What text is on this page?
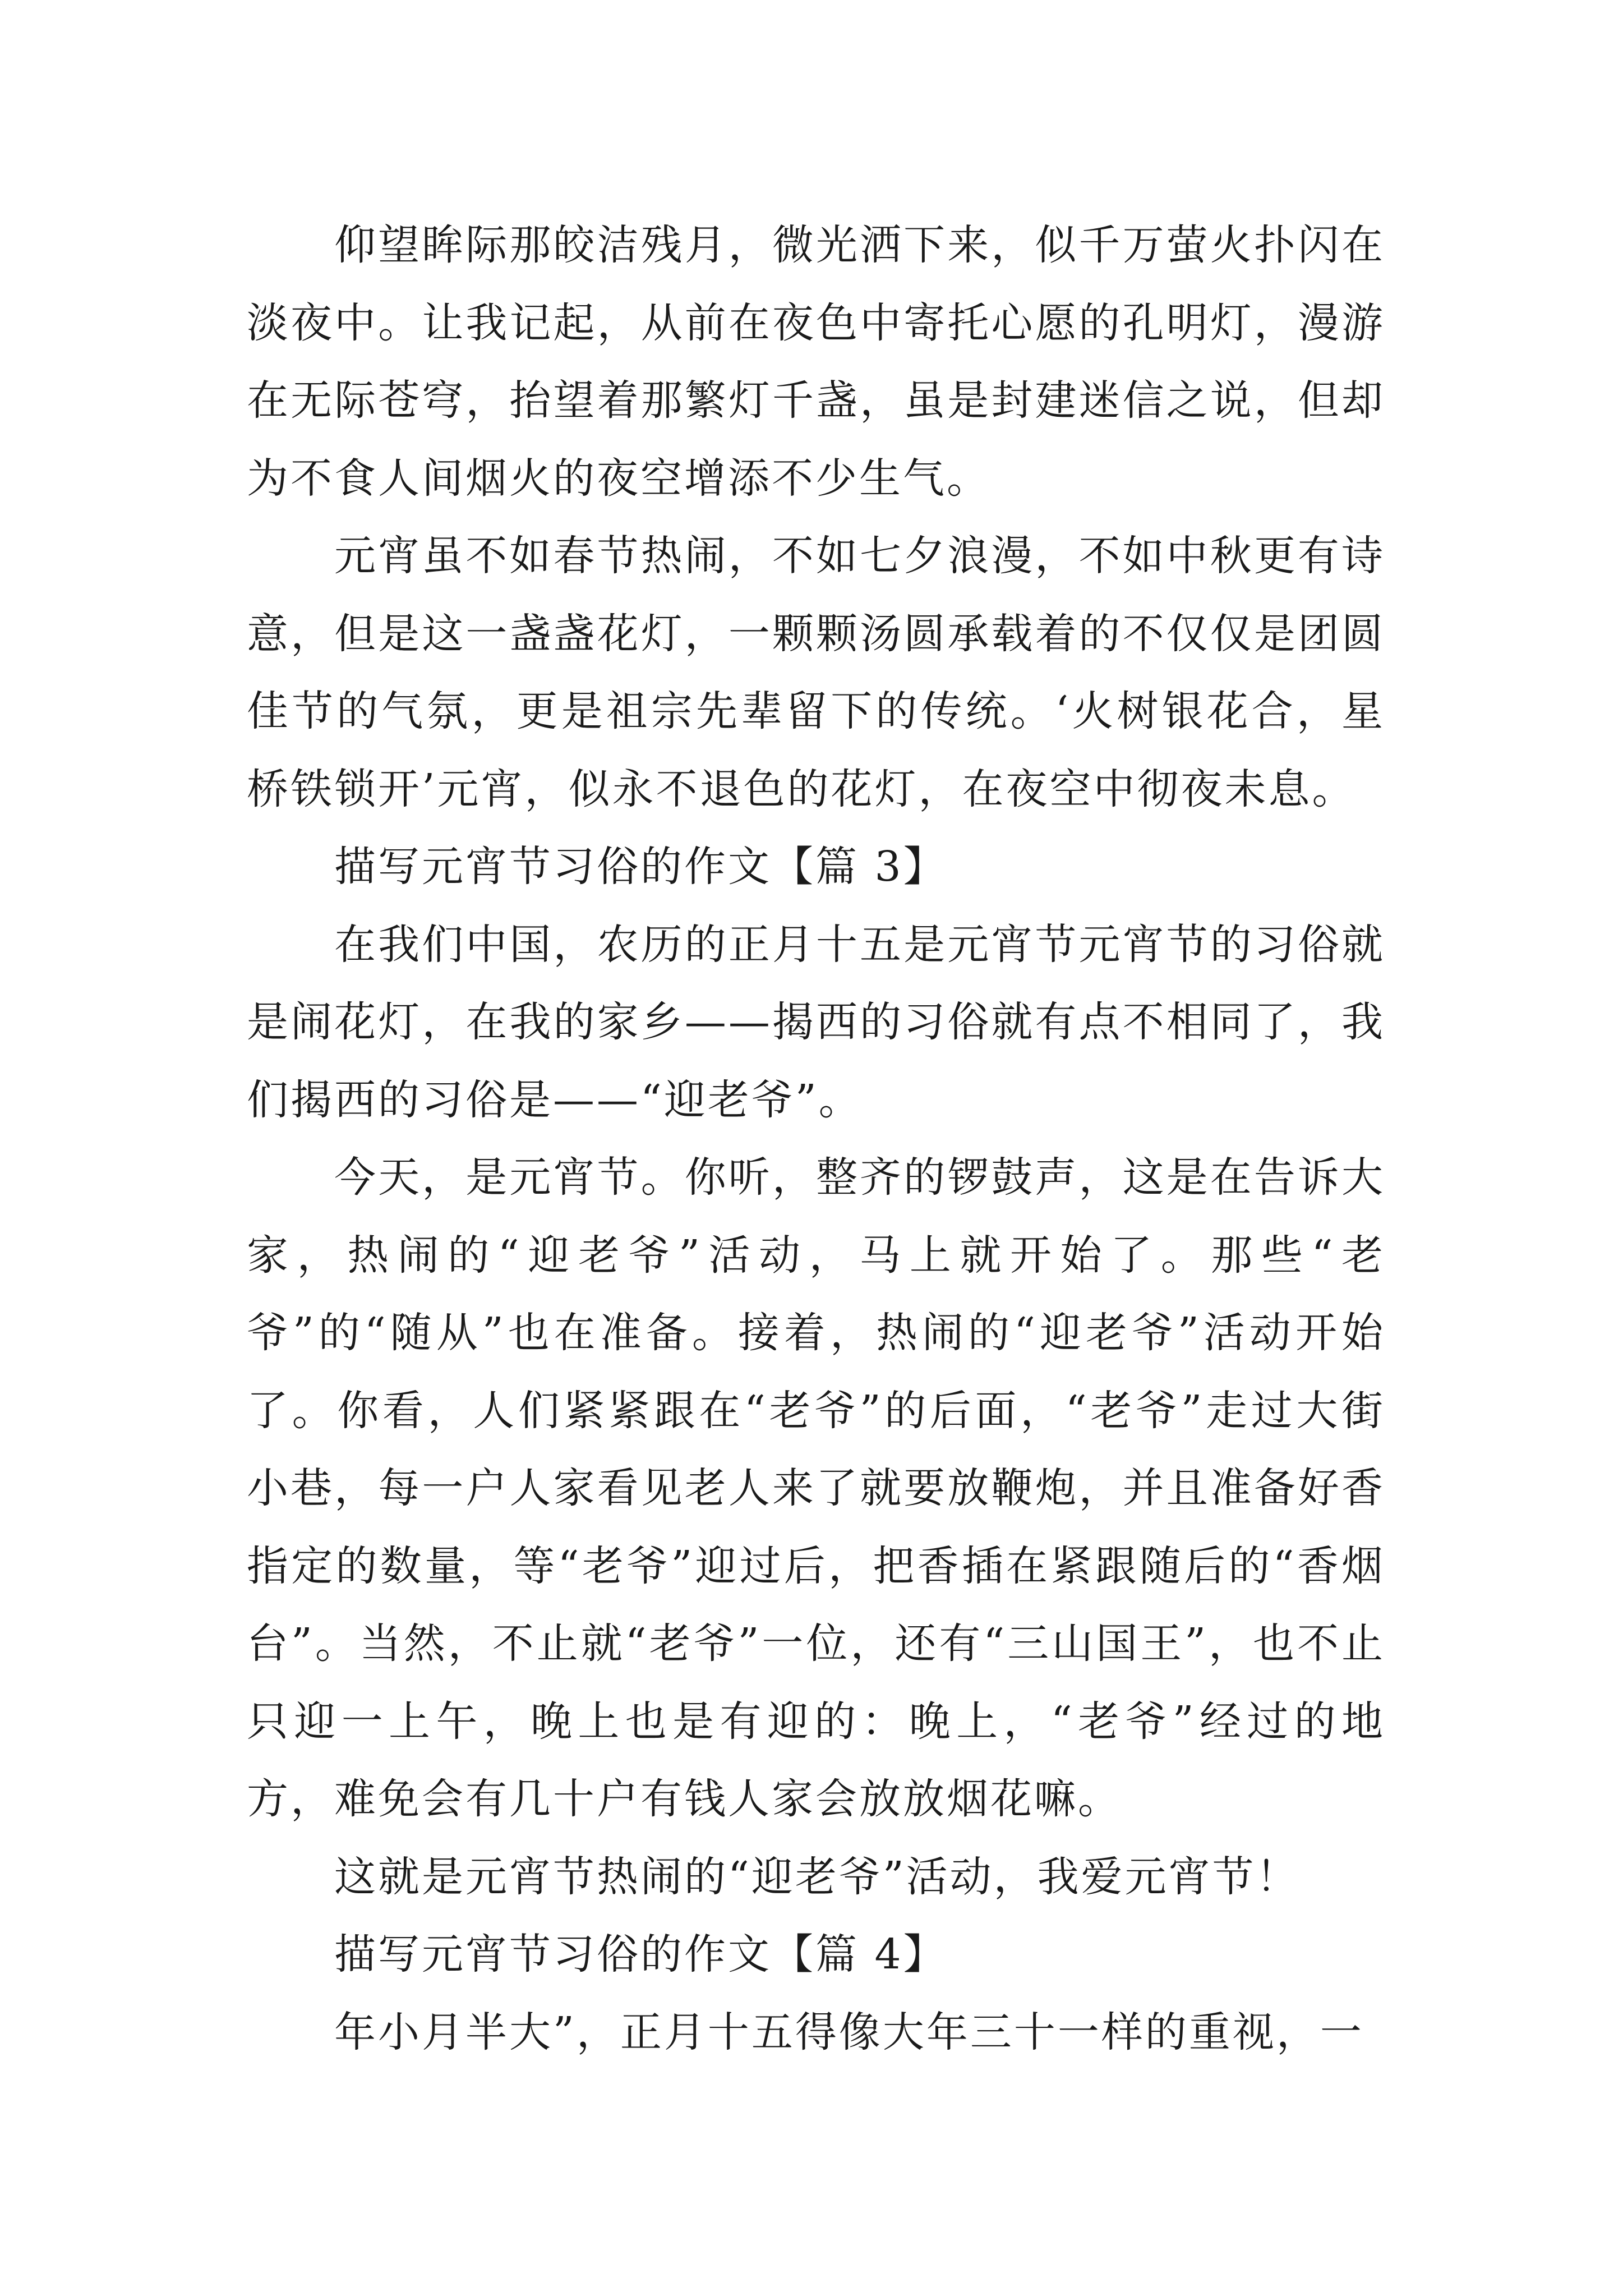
仰望眸际那皎洁残月，微光洒下来，似千万萤火扑闪在淡夜中。让我记起，从前在夜色中寄托心愿的孔明灯，漫游在无际苍穹，抬望着那繁灯千盏，虽是封建迷信之说，但却为不食人间烟火的夜空增添不少生气。

元宵虽不如春节热闹，不如七夕浪漫，不如中秋更有诗意，但是这一盏盏花灯，一颗颗汤圆承载着的不仅仅是团圆佳节的气氛，更是祖宗先辈留下的传统。‘火树银花合，星桥铁锁开’元宵，似永不退色的花灯，在夜空中彻夜未息。

描写元宵节习俗的作文【篇 3】

在我们中国，农历的正月十五是元宵节元宵节的习俗就是闹花灯，在我的家乡——揭西的习俗就有点不相同了，我们揭西的习俗是——“迎老爷”。

今天，是元宵节。你听，整齐的锣鼓声，这是在告诉大家，热闹的“迎老爷”活动，马上就开始了。那些“老爷”的“随从”也在准备。接着，热闹的“迎老爷”活动开始了。你看，人们紧紧跟在“老爷”的后面，“老爷”走过大街小巷，每一户人家看见老人来了就要放鞭炮，并且准备好香指定的数量，等“老爷”迎过后，把香插在紧跟随后的“香烟台”。当然，不止就“老爷”一位，还有“三山国王”，也不止只迎一上午，晚上也是有迎的：晚上，“老爷”经过的地方，难免会有几十户有钱人家会放放烟花嘛。

这就是元宵节热闹的“迎老爷”活动，我爱元宵节！

描写元宵节习俗的作文【篇 4】

年小月半大”，正月十五得像大年三十一样的重视，一
